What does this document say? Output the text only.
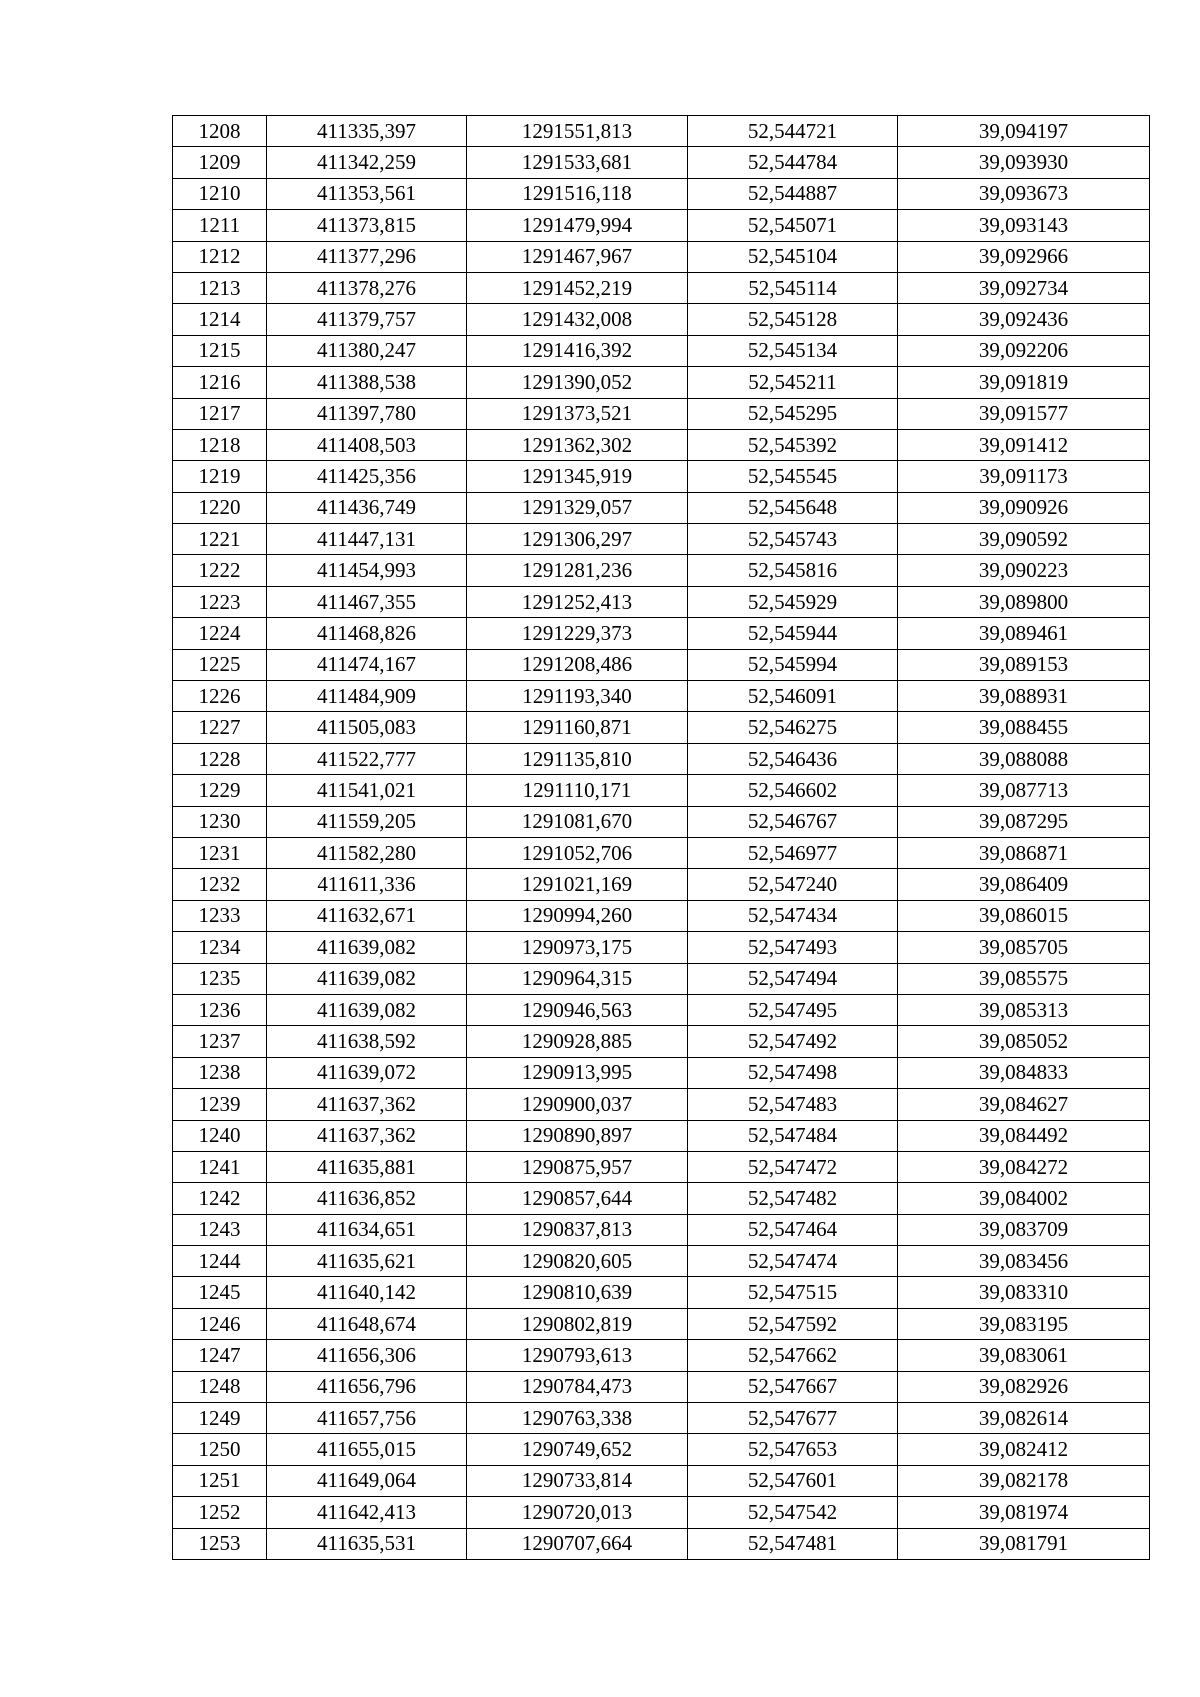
1208	411335,397	1291551,813	52,544721	39,094197
1209	411342,259	1291533,681	52,544784	39,093930
1210	411353,561	1291516,118	52,544887	39,093673
1211	411373,815	1291479,994	52,545071	39,093143
1212	411377,296	1291467,967	52,545104	39,092966
1213	411378,276	1291452,219	52,545114	39,092734
1214	411379,757	1291432,008	52,545128	39,092436
1215	411380,247	1291416,392	52,545134	39,092206
1216	411388,538	1291390,052	52,545211	39,091819
1217	411397,780	1291373,521	52,545295	39,091577
1218	411408,503	1291362,302	52,545392	39,091412
1219	411425,356	1291345,919	52,545545	39,091173
1220	411436,749	1291329,057	52,545648	39,090926
1221	411447,131	1291306,297	52,545743	39,090592
1222	411454,993	1291281,236	52,545816	39,090223
1223	411467,355	1291252,413	52,545929	39,089800
1224	411468,826	1291229,373	52,545944	39,089461
1225	411474,167	1291208,486	52,545994	39,089153
1226	411484,909	1291193,340	52,546091	39,088931
1227	411505,083	1291160,871	52,546275	39,088455
1228	411522,777	1291135,810	52,546436	39,088088
1229	411541,021	1291110,171	52,546602	39,087713
1230	411559,205	1291081,670	52,546767	39,087295
1231	411582,280	1291052,706	52,546977	39,086871
1232	411611,336	1291021,169	52,547240	39,086409
1233	411632,671	1290994,260	52,547434	39,086015
1234	411639,082	1290973,175	52,547493	39,085705
1235	411639,082	1290964,315	52,547494	39,085575
1236	411639,082	1290946,563	52,547495	39,085313
1237	411638,592	1290928,885	52,547492	39,085052
1238	411639,072	1290913,995	52,547498	39,084833
1239	411637,362	1290900,037	52,547483	39,084627
1240	411637,362	1290890,897	52,547484	39,084492
1241	411635,881	1290875,957	52,547472	39,084272
1242	411636,852	1290857,644	52,547482	39,084002
1243	411634,651	1290837,813	52,547464	39,083709
1244	411635,621	1290820,605	52,547474	39,083456
1245	411640,142	1290810,639	52,547515	39,083310
1246	411648,674	1290802,819	52,547592	39,083195
1247	411656,306	1290793,613	52,547662	39,083061
1248	411656,796	1290784,473	52,547667	39,082926
1249	411657,756	1290763,338	52,547677	39,082614
1250	411655,015	1290749,652	52,547653	39,082412
1251	411649,064	1290733,814	52,547601	39,082178
1252	411642,413	1290720,013	52,547542	39,081974
1253	411635,531	1290707,664	52,547481	39,081791
